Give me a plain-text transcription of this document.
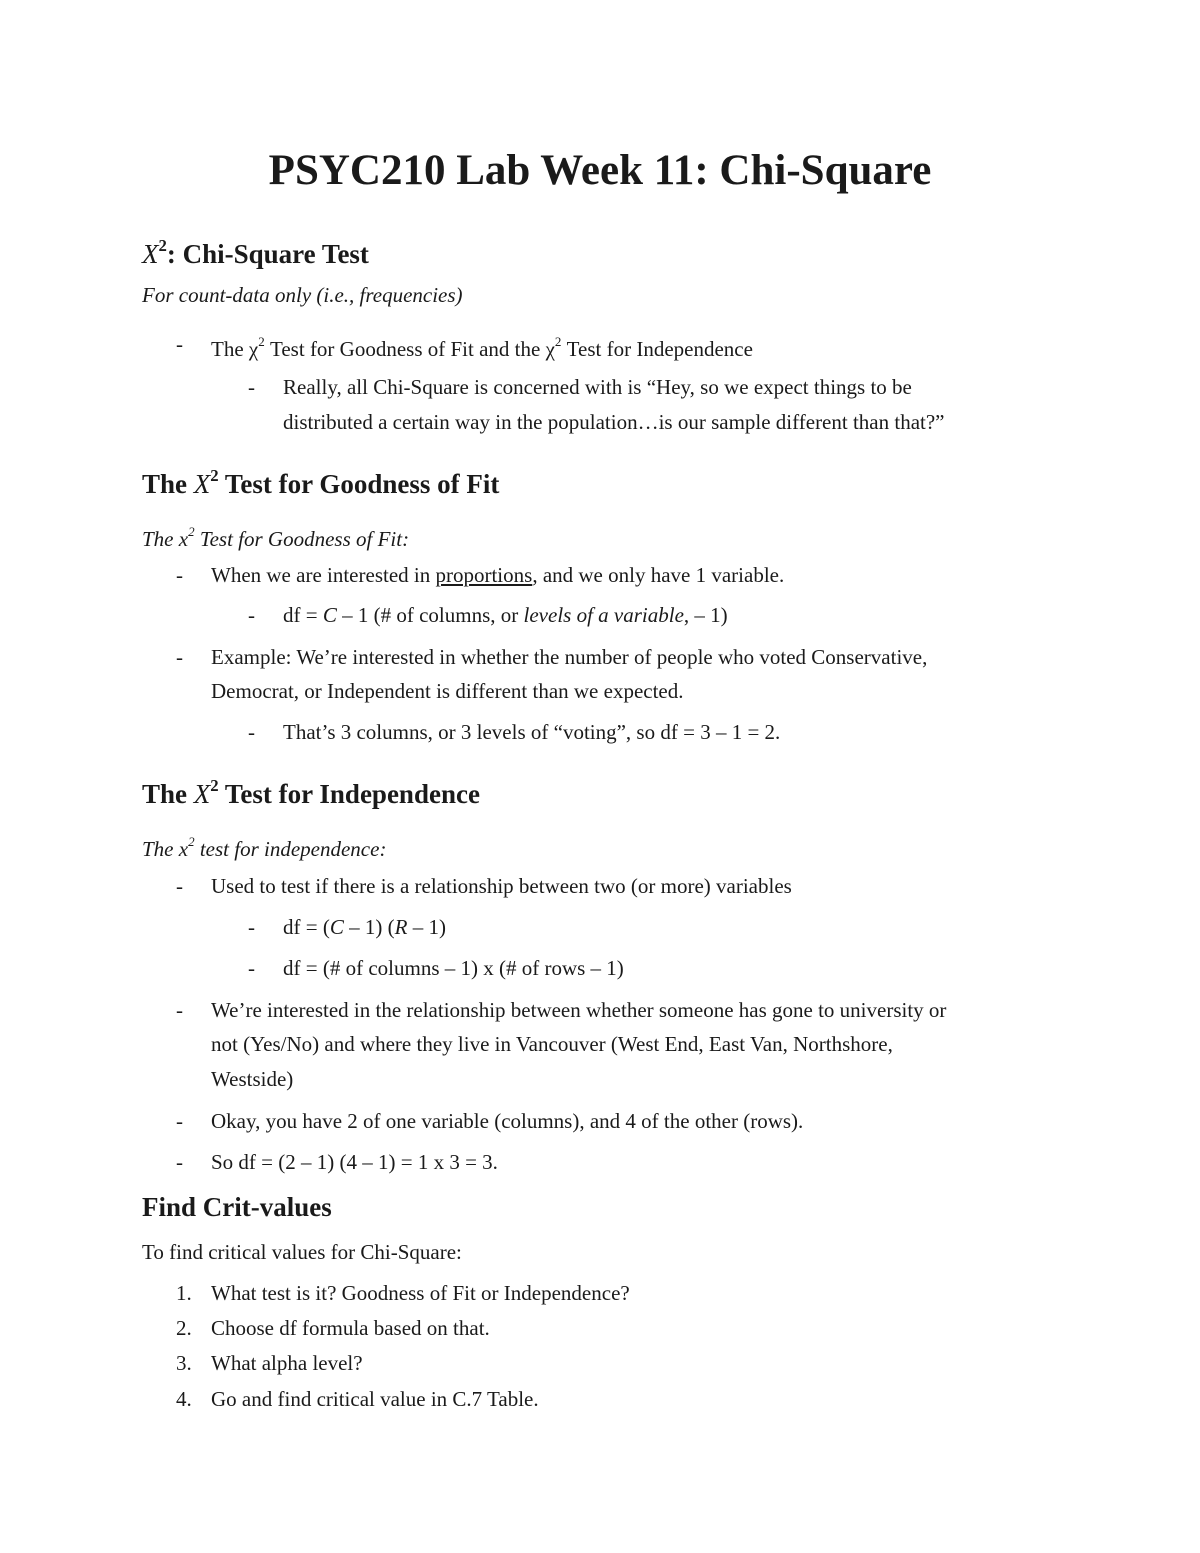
PSYC210 Lab Week 11: Chi-Square
$X^2$: Chi-Square Test
For count-data only (i.e., frequencies)
- The $\chi^2$ Test for Goodness of Fit and the $\chi^2$ Test for Independence
- Really, all Chi-Square is concerned with is “Hey, so we expect things to be
distributed a certain way in the population…is our sample different than that?”
The $X^2$ Test for Goodness of Fit
The $x^2$ Test for Goodness of Fit:
- When we are interested in proportions, and we only have 1 variable.
- df = C – 1 (# of columns, or levels of a variable, – 1)
- Example: We’re interested in whether the number of people who voted Conservative,
Democrat, or Independent is different than we expected.
- That’s 3 columns, or 3 levels of “voting”, so df = 3 – 1 = 2.
The $X^2$ Test for Independence
The $x^2$ test for independence:
- Used to test if there is a relationship between two (or more) variables
- df = (C – 1) (R – 1)
- df = (# of columns – 1) x (# of rows – 1)
- We’re interested in the relationship between whether someone has gone to university or
not (Yes/No) and where they live in Vancouver (West End, East Van, Northshore,
Westside)
- Okay, you have 2 of one variable (columns), and 4 of the other (rows).
- So df = (2 – 1) (4 – 1) = 1 x 3 = 3.
Find Crit-values
To find critical values for Chi-Square:
1. What test is it? Goodness of Fit or Independence?
2. Choose df formula based on that.
3. What alpha level?
4. Go and find critical value in C.7 Table.
